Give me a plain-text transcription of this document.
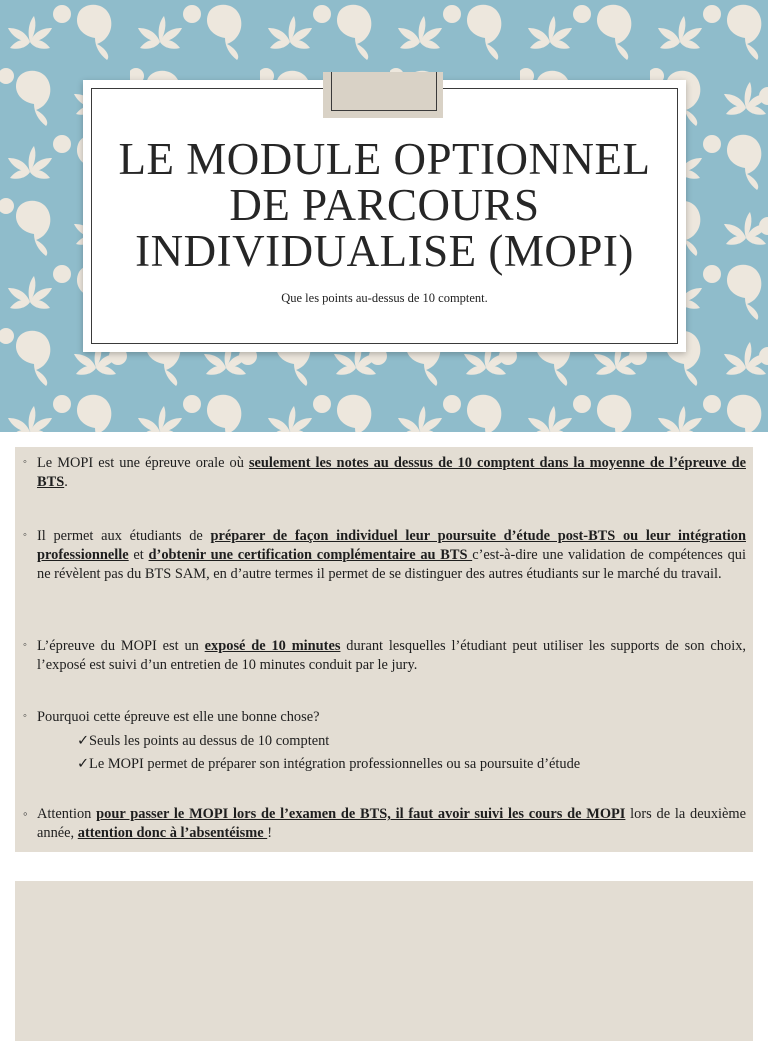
LE MODULE OPTIONNEL
DE PARCOURS
INDIVIDUALISE (MOPI)
Que les points au-dessus de 10 comptent.
◦ Le MOPI est une épreuve orale où seulement les notes au dessus de 10 comptent dans la moyenne de l’épreuve de BTS.
◦ Il permet aux étudiants de préparer de façon individuel leur poursuite d’étude post-BTS ou leur intégration professionnelle et d’obtenir une certification complémentaire au BTS c’est-à-dire une validation de compétences qui ne révèlent pas du BTS SAM, en d’autre termes il permet de se distinguer des autres étudiants sur le marché du travail.
◦ L’épreuve du MOPI est un exposé de 10 minutes durant lesquelles l’étudiant peut utiliser les supports de son choix, l’exposé est suivi d’un entretien de 10 minutes conduit par le jury.
◦ Pourquoi cette épreuve est elle une bonne chose?
✓Seuls les points au dessus de 10 comptent
✓Le MOPI permet de préparer son intégration professionnelles ou sa poursuite d’étude
◦ Attention pour passer le MOPI lors de l’examen de BTS, il faut avoir suivi les cours de MOPI lors de la deuxième année, attention donc à l’absentéisme !
